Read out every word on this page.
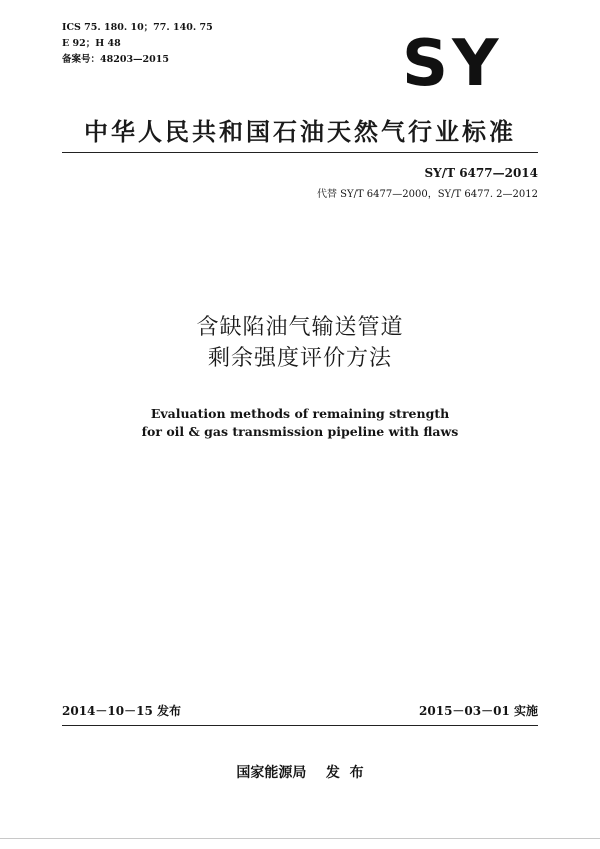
ICS 75. 180. 10；77. 140. 75
E 92；H 48
备案号：48203—2015	SY
中华人民共和国石油天然气行业标准
SY/T 6477—2014
代替 SY/T 6477—2000，SY/T 6477. 2—2012
含缺陷油气输送管道
剩余强度评价方法
Evaluation methods of remaining strength
for oil & gas transmission pipeline with flaws
2014－10－15 发布	2015－03－01 实施
国家能源局    发  布
